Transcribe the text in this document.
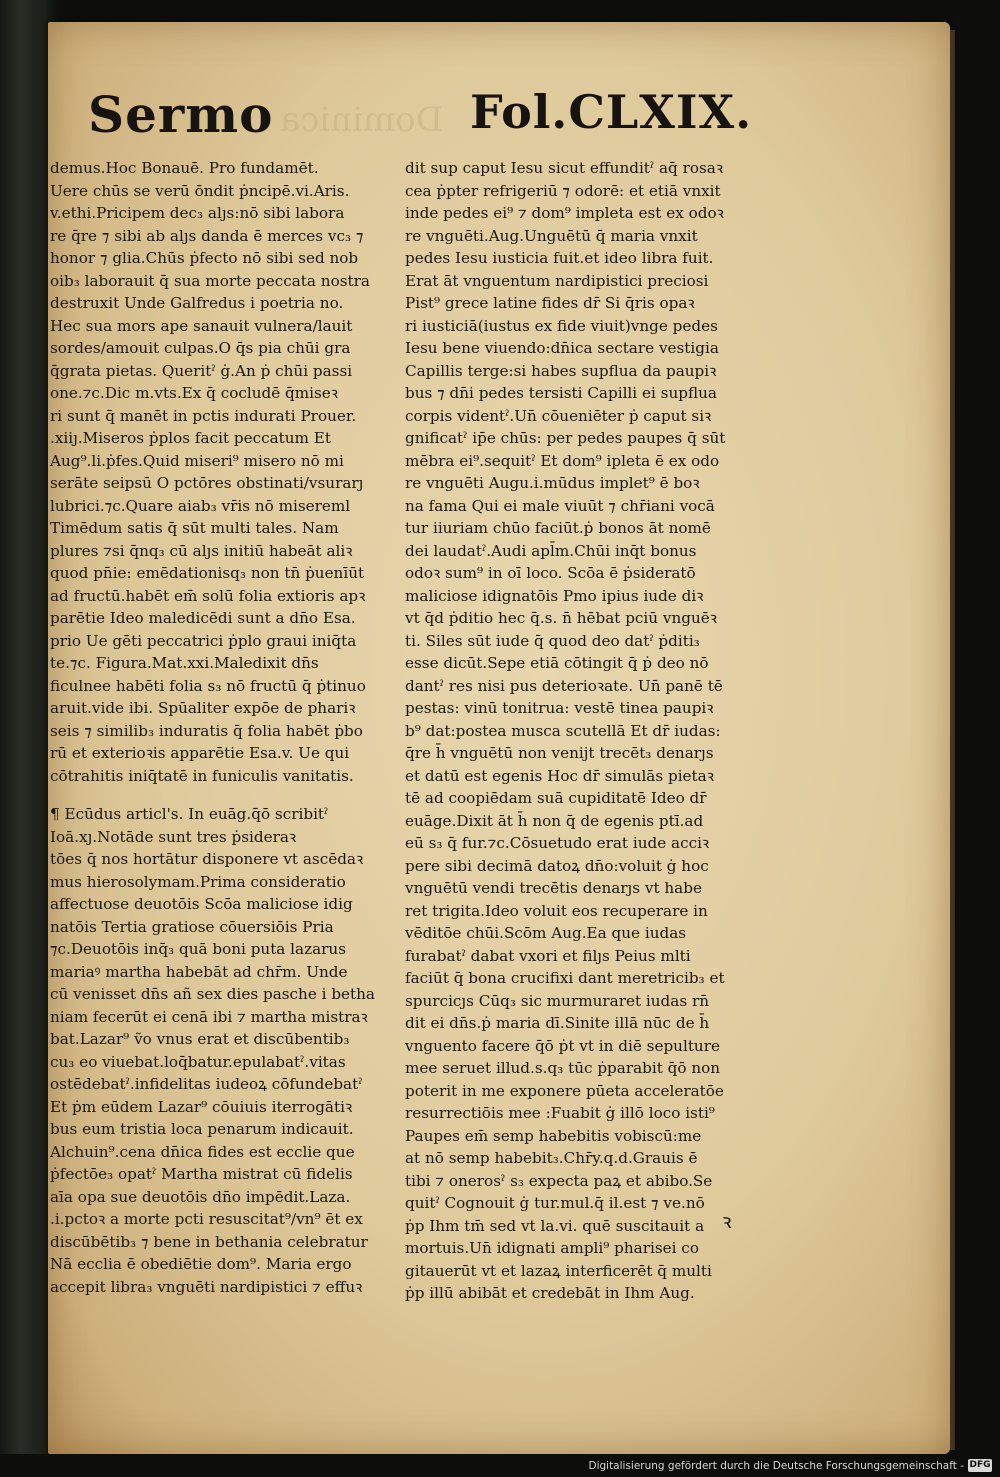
Dominica
Sermo	Fol.CLXIX.
demus.Hoc Bonauē. Pro fundamēt.
Uere chūs se verū ōndit ṗncipē.vi.Aris.
v.ethi.Pricipem dec₃ alȷs:nō sibi labora
re q̄re ⁊ sibi ab alȷs danda ē merces vc₃ ⁊
honor ⁊ glia.Chūs ṗfecto nō sibi sed nob
oib₃ laborauit q̄ sua morte peccata nostra
destruxit Unde Galfredus i poetria no.
Hec sua mors ape sanauit vulnera/lauit
sordes/amouit culpas.O q̄s pia chūi gra
q̄grata pietas. Queritˀ ġ.An ṗ chūi passi
one.⁊c.Dic m.vts.Ex q̄ cocludē q̄miseꝛ
ri sunt q̄ manēt in pctis indurati Prouer.
.xiiȷ.Miseros ṗplos facit peccatum Et
Aug⁹.li.ṗfes.Quid miseri⁹ misero nō mi
serāte seipsū O pctōres obstinati/vsurarȷ
lubrici.⁊c.Quare aiab₃ vr̄is nō misereml
Timēdum satis q̄ sūt multi tales. Nam
plures ⁊si q̄nq₃ cū alȷs initiū habeāt aliꝛ
quod pn̄ie: emēdationisq₃ non tn̄ ṗuenīūt
ad fructū.habēt em̄ solū folia extioris apꝛ
parētie Ideo maledicēdi sunt a dn̄o Esa.
prio Ue gēti peccatrici ṗplo graui iniq̄ta
te.⁊c. Figura.Mat.xxi.Maledixit dn̄s
ficulnee habēti folia s₃ nō fructū q̄ ṗtinuo
aruit.vide ibi. Spūaliter expōe de phariꝛ
seis ⁊ similib₃ induratis q̄ folia habēt ṗbo
rū et exterioꝛis apparētie Esa.v. Ue qui
cōtrahitis iniq̄tatē in funiculis vanitatis.
¶ Ecūdus articl's. In euāg.q̄ō scribitˀ
Ioā.xȷ.Notāde sunt tres ṗsideraꝛ
tōes q̄ nos hortātur disponere vt ascēdaꝛ
mus hierosolymam.Prima consideratio
affectuose deuotōis Scōa maliciose idig
natōis Tertia gratiose cōuersiōis Pria
⁊c.Deuotōis inq̄₃ quā boni puta lazarus
mariaꝰ martha habebāt ad chr̄m. Unde
cū venisset dn̄s añ sex dies pasche i betha
niam fecerūt ei cenā ibi ⁊ martha mistraꝛ
bat.Lazar⁹ ṽo vnus erat et discūbentib₃
cu₃ eo viuebat.loq̄batur.epulabatˀ.vitas
ostēdebatˀ.infidelitas iudeoꝝ cōfundebatˀ
Et ṗm eūdem Lazar⁹ cōuiuis iterrogātiꝛ
bus eum tristia loca penarum indicauit.
Alchuin⁹.cena dn̄ica fides est ecclie que
ṗfectōe₃ opatˀ Martha mistrat cū fidelis
aīa opa sue deuotōis dn̄o impēdit.Laza.
.i.pctoꝛ a morte pcti resuscitat⁹/vn⁹ ēt ex
discūbētib₃ ⁊ bene in bethania celebratur
Nā ecclia ē obediētie dom⁹. Maria ergo
accepit libra₃ vnguēti nardipistici ⁊ effuꝛ
dit sup caput Iesu sicut effunditˀ aq̄ rosaꝛ
cea ṗpter refrigeriū ⁊ odorē: et etiā vnxit
inde pedes ei⁹ ⁊ dom⁹ impleta est ex odoꝛ
re vnguēti.Aug.Unguētū q̄ maria vnxit
pedes Iesu iusticia fuit.et ideo libra fuit.
Erat āt vnguentum nardipistici preciosi
Pist⁹ grece latine fides dr̄ Si q̄ris opaꝛ
ri iusticiā(iustus ex fide viuit)vnge pedes
Iesu bene viuendo:dn̄ica sectare vestigia
Capillis terge:si habes supflua da paupiꝛ
bus ⁊ dn̄i pedes tersisti Capilli ei supflua
corpis videntˀ.Un̄ cōueniēter ṗ caput siꝛ
gnificatˀ ip̄e chūs: per pedes paupes q̄ sūt
mēbra ei⁹.sequitˀ Et dom⁹ ipleta ē ex odo
re vnguēti Augu.i.mūdus implet⁹ ē boꝛ
na fama Qui ei male viuūt ⁊ chr̄iani vocā
tur iiuriam chūo faciūt.ṗ bonos āt nomē
dei laudatˀ.Audi apl̄m.Chūi inq̄t bonus
odoꝛ sum⁹ in oī loco. Scōa ē ṗsideratō
maliciose idignatōis Pmo ipius iude diꝛ
vt q̄d ṗditio hec q̄.s. n̄ hēbat pciū vnguēꝛ
ti. Siles sūt iude q̄ quod deo datˀ ṗditi₃
esse dicūt.Sepe etiā cōtingit q̄ ṗ deo nō
dantˀ res nisi pus deterioꝛate. Un̄ panē tē
pestas: vinū tonitrua: vestē tinea paupiꝛ
b⁹ dat:postea musca scutellā Et dr̄ iudas:
q̄re h̄ vnguētū non venijt trecēt₃ denarȷs
et datū est egenis Hoc dr̄ simulās pietaꝛ
tē ad coopiēdam suā cupiditatē Ideo dr̄
euāge.Dixit āt h̄ non q̄ de egenis ptī.ad
eū s₃ q̄ fur.⁊c.Cōsuetudo erat iude acciꝛ
pere sibi decimā datoꝝ dn̄o:voluit ġ hoc
vnguētū vendi trecētis denarȷs vt habe
ret trigita.Ideo voluit eos recuperare in
vēditōe chūi.Scōm Aug.Ea que iudas
furabatˀ dabat vxori et filȷs Peius mlti
faciūt q̄ bona crucifixi dant meretricib₃ et
spurcicȷs Cūq₃ sic murmuraret iudas rn̄
dit ei dn̄s.ṗ maria dī.Sinite illā nūc de h̄
vnguento facere q̄ō ṗt vt in diē sepulture
mee seruet illud.s.q₃ tūc ṗparabit q̄ō non
poterit in me exponere pūeta acceleratōe
resurrectiōis mee :Fuabit ġ illō loco isti⁹
Paupes em̄ semp habebitis vobiscū:me
at nō semp habebit₃.Chr̄y.q.d.Grauis ē
tibi ⁊ onerosˀ s₃ expecta paꝝ et abibo.Se
quitˀ Cognouit ġ tur.mul.q̄ il.est ⁊ ve.nō
ṗp Ihm tm̄ sed vt la.vi. quē suscitauit a
mortuis.Un̄ idignati ampli⁹ pharisei co
gitauerūt vt et lazaꝝ interficerēt q̄ multi
ṗp illū abibāt et credebāt in Ihm Aug.
ꝛ
Digitalisierung gefördert durch die Deutsche Forschungsgemeinschaft - DFG
